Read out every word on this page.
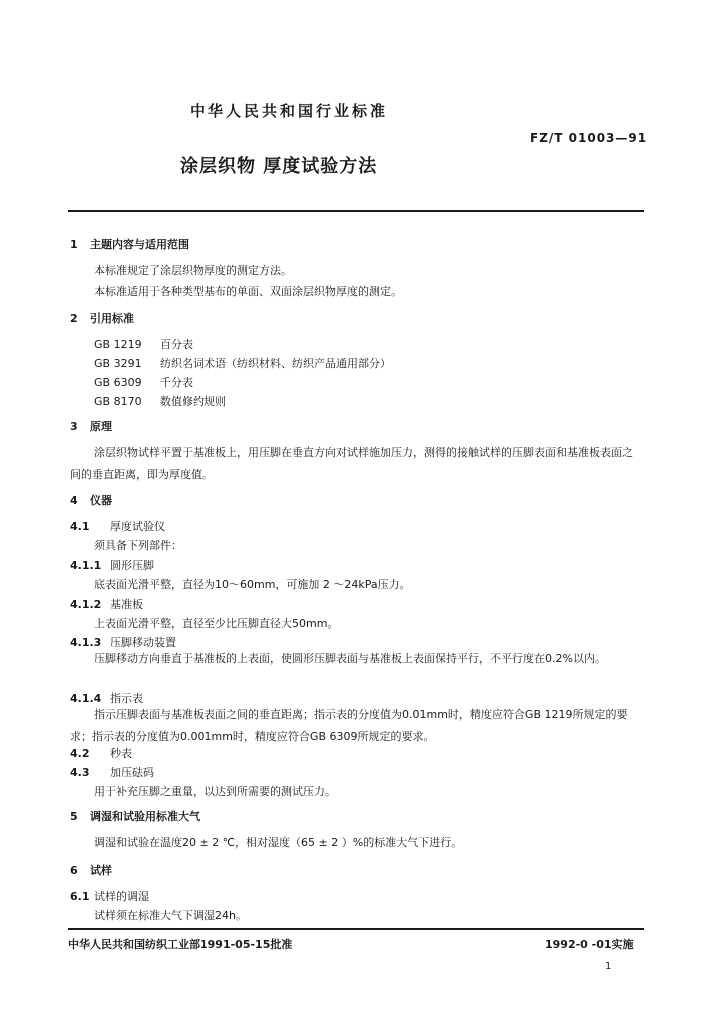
中华人民共和国行业标准
FZ/T 01003—91
涂层织物 厚度试验方法
1 主题内容与适用范围
本标准规定了涂层织物厚度的测定方法。
本标准适用于各种类型基布的单面、双面涂层织物厚度的测定。
2 引用标准
GB 1219 百分表
GB 3291 纺织名词术语（纺织材料、纺织产品通用部分）
GB 6309 千分表
GB 8170 数值修约规则
3 原理
涂层织物试样平置于基准板上，用压脚在垂直方向对试样施加压力，测得的接触试样的压脚表面和基准板表面之间的垂直距离，即为厚度值。
4 仪器
4.1 厚度试验仪
须具备下列部件：
4.1.1 圆形压脚
底表面光滑平整，直径为10～60mm，可施加 2 ～24kPa压力。
4.1.2 基准板
上表面光滑平整，直径至少比压脚直径大50mm。
4.1.3 压脚移动装置
压脚移动方向垂直于基准板的上表面，使圆形压脚表面与基准板上表面保持平行，不平行度在0.2%以内。
4.1.4 指示表
指示压脚表面与基准板表面之间的垂直距离；指示表的分度值为0.01mm时，精度应符合GB 1219所规定的要求；指示表的分度值为0.001mm时，精度应符合GB 6309所规定的要求。
4.2 秒表
4.3 加压砝码
用于补充压脚之重量，以达到所需要的测试压力。
5 调湿和试验用标准大气
调湿和试验在温度20 ± 2 ℃，相对湿度（65 ± 2 ）%的标准大气下进行。
6 试样
6.1 试样的调湿
试样须在标准大气下调湿24h。
中华人民共和国纺织工业部1991-05-15批准	1992-0 -01实施
1
